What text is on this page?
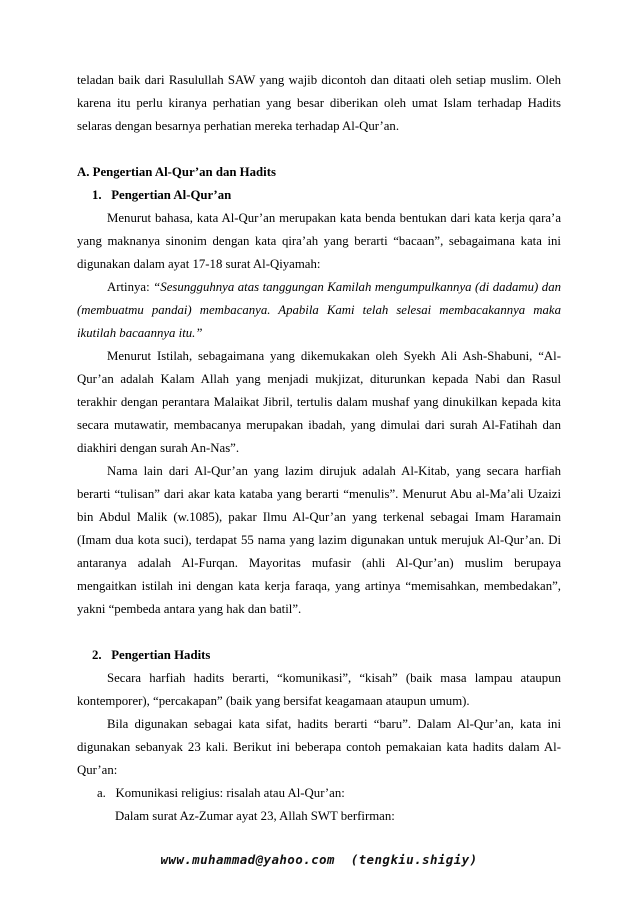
teladan baik dari Rasulullah SAW yang wajib dicontoh dan ditaati oleh setiap muslim. Oleh karena itu perlu kiranya perhatian yang besar diberikan oleh umat Islam terhadap Hadits selaras dengan besarnya perhatian mereka terhadap Al-Qur’an.

A. Pengertian Al-Qur’an dan Hadits
1.   Pengertian Al-Qur’an

Menurut bahasa, kata Al-Qur’an merupakan kata benda bentukan dari kata kerja qara’a yang maknanya sinonim dengan kata qira’ah yang berarti “bacaan”, sebagaimana kata ini digunakan dalam ayat 17-18 surat Al-Qiyamah:

Artinya: “Sesungguhnya atas tanggungan Kamilah mengumpulkannya (di dadamu) dan (membuatmu pandai) membacanya. Apabila Kami telah selesai membacakannya maka ikutilah bacaannya itu.”

Menurut Istilah, sebagaimana yang dikemukakan oleh Syekh Ali Ash-Shabuni, “Al-Qur’an adalah Kalam Allah yang menjadi mukjizat, diturunkan kepada Nabi dan Rasul terakhir dengan perantara Malaikat Jibril, tertulis dalam mushaf yang dinukilkan kepada kita secara mutawatir, membacanya merupakan ibadah, yang dimulai dari surah Al-Fatihah dan diakhiri dengan surah An-Nas”.

Nama lain dari Al-Qur’an yang lazim dirujuk adalah Al-Kitab, yang secara harfiah berarti “tulisan” dari akar kata kataba yang berarti “menulis”. Menurut Abu al-Ma’ali Uzaizi bin Abdul Malik (w.1085), pakar Ilmu Al-Qur’an yang terkenal sebagai Imam Haramain (Imam dua kota suci), terdapat 55 nama yang lazim digunakan untuk merujuk Al-Qur’an. Di antaranya adalah Al-Furqan. Mayoritas mufasir (ahli Al-Qur’an) muslim berupaya mengaitkan istilah ini dengan kata kerja faraqa, yang artinya “memisahkan, membedakan”, yakni “pembeda antara yang hak dan batil”.

2.   Pengertian Hadits

Secara harfiah hadits berarti, “komunikasi”, “kisah” (baik masa lampau ataupun kontemporer), “percakapan” (baik yang bersifat keagamaan ataupun umum).

Bila digunakan sebagai kata sifat, hadits berarti “baru”. Dalam Al-Qur’an, kata ini digunakan sebanyak 23 kali. Berikut ini beberapa contoh pemakaian kata hadits dalam Al-Qur’an:

a.   Komunikasi religius: risalah atau Al-Qur’an:
Dalam surat Az-Zumar ayat 23, Allah SWT berfirman:
www.muhammad@yahoo.com  (tengkiu.shigiy)
